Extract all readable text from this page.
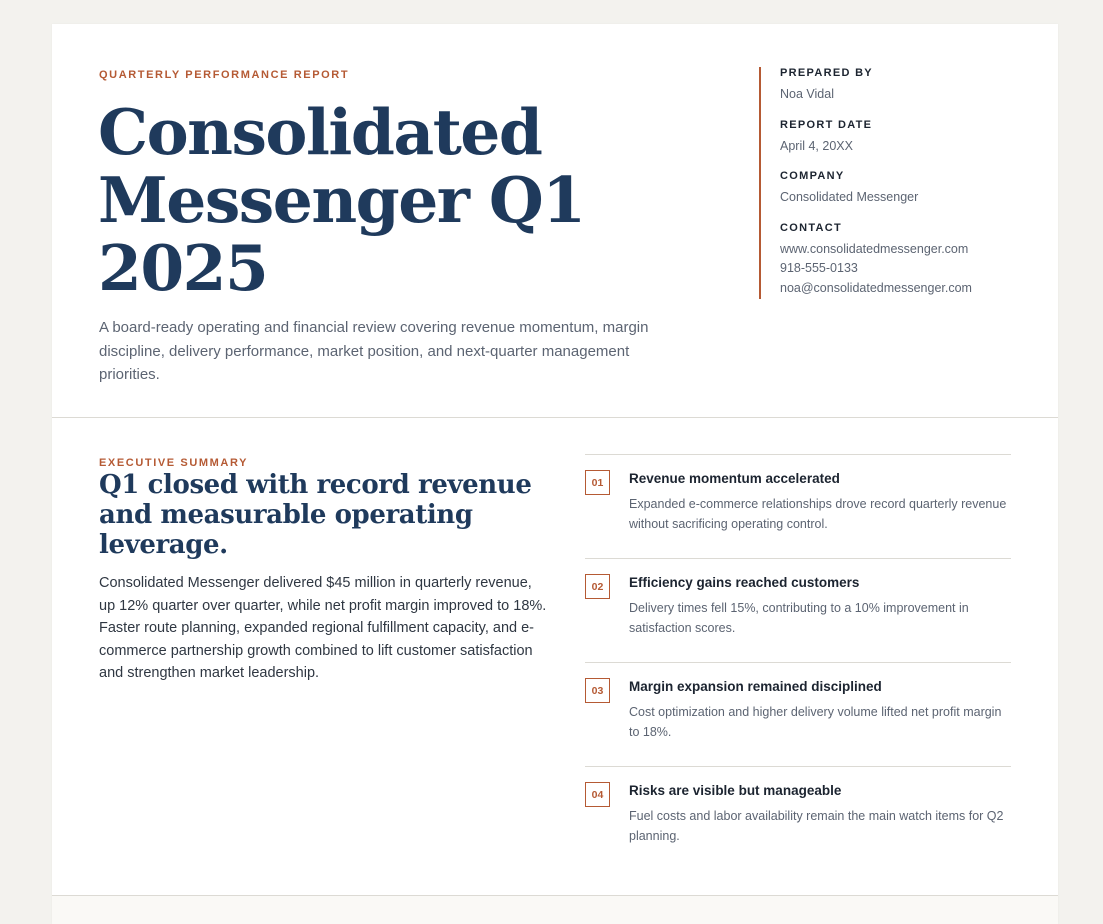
QUARTERLY PERFORMANCE REPORT
Consolidated Messenger Q1 2025

A board-ready operating and financial review covering revenue momentum, margin discipline, delivery performance, market position, and next-quarter management priorities.

PREPARED BY
Noa Vidal
REPORT DATE
April 4, 20XX
COMPANY
Consolidated Messenger
CONTACT
www.consolidatedmessenger.com
918-555-0133
noa@consolidatedmessenger.com
EXECUTIVE SUMMARY
Q1 closed with record revenue and measurable operating leverage.

Consolidated Messenger delivered $45 million in quarterly revenue, up 12% quarter over quarter, while net profit margin improved to 18%. Faster route planning, expanded regional fulfillment capacity, and e-commerce partnership growth combined to lift customer satisfaction and strengthen market leadership.

01	Revenue momentum accelerated
Expanded e-commerce relationships drove record quarterly revenue without sacrificing operating control.
02	Efficiency gains reached customers
Delivery times fell 15%, contributing to a 10% improvement in satisfaction scores.
03	Margin expansion remained disciplined
Cost optimization and higher delivery volume lifted net profit margin to 18%.
04	Risks are visible but manageable
Fuel costs and labor availability remain the main watch items for Q2 planning.
